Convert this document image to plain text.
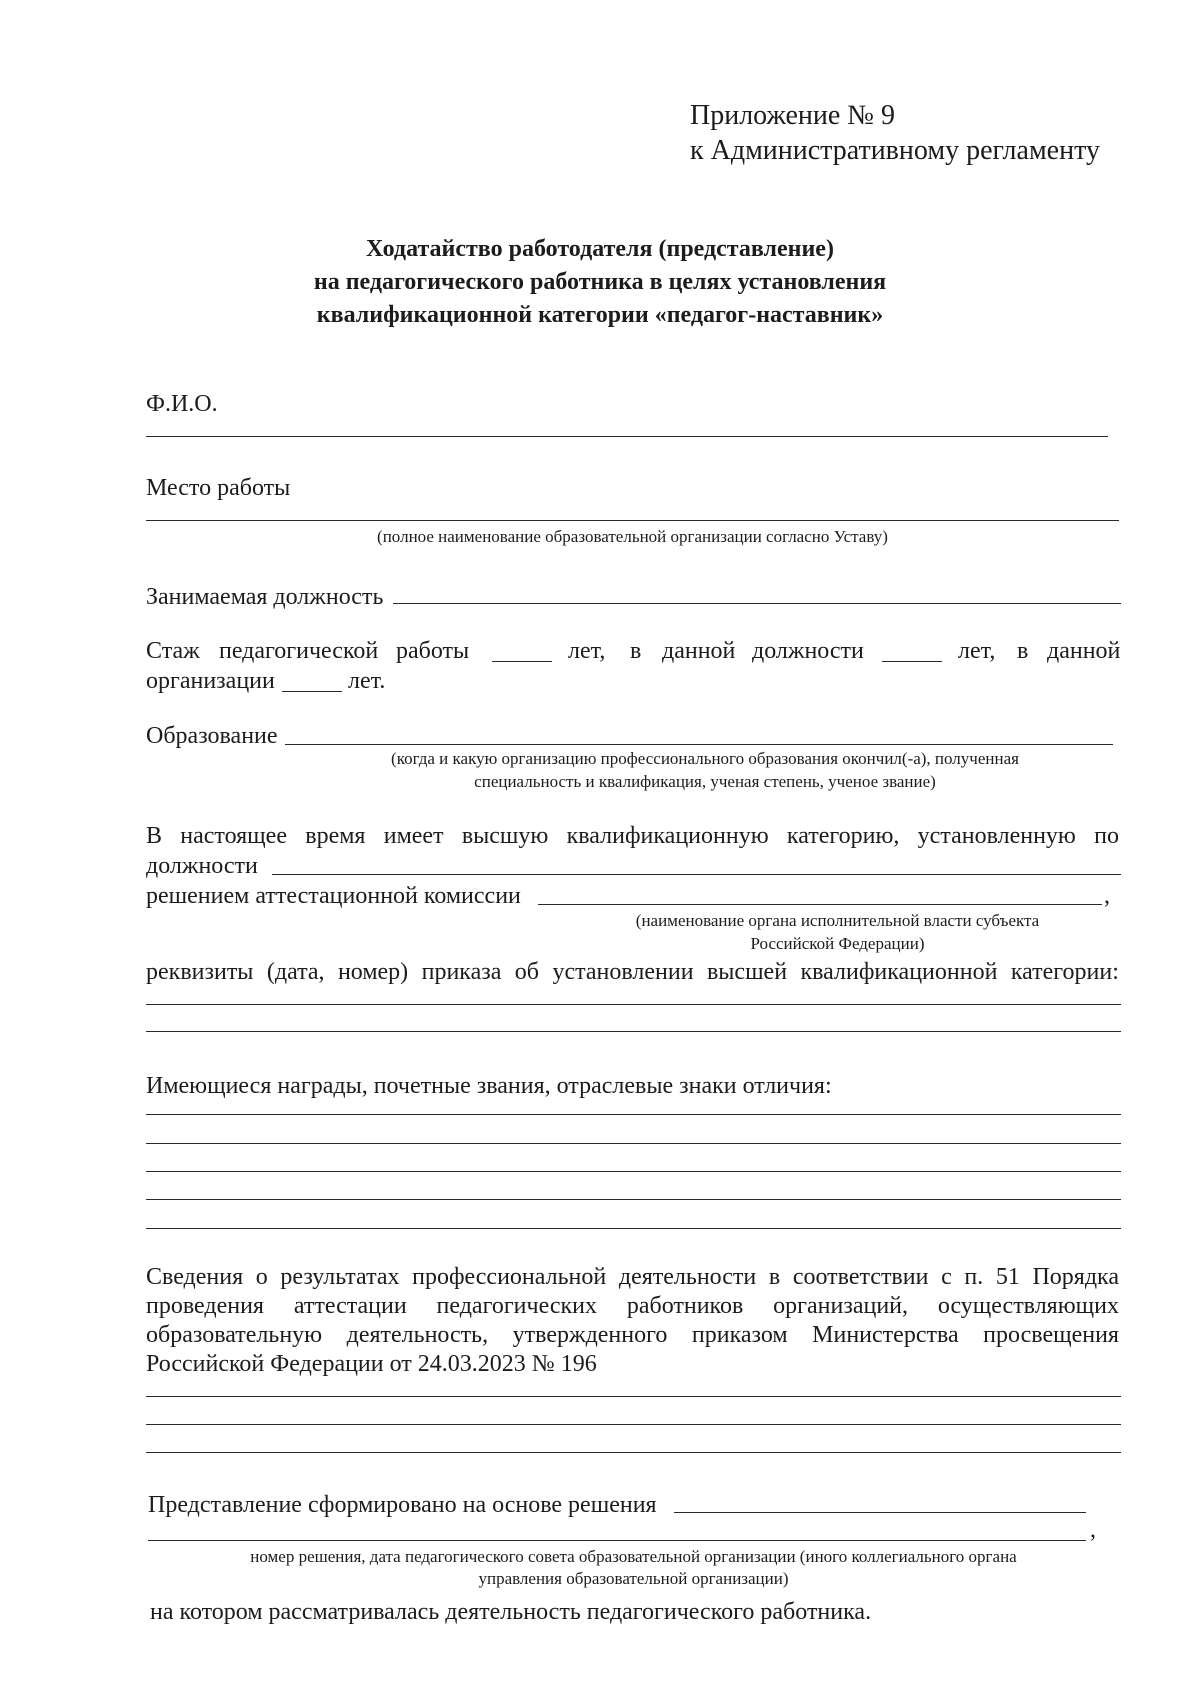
Приложение № 9
к Административному регламенту
Ходатайство работодателя (представление)
на педагогического работника в целях установления
квалификационной категории «педагог-наставник»
Ф.И.О.
Место работы
(полное наименование образовательной организации согласно Уставу)
Занимаемая должность
Стаж педагогической работы	лет, в данной должности	лет, в данной
организации	лет.
Образование
(когда и какую организацию профессионального образования окончил(-а), полученная
специальность и квалификация, ученая степень, ученое звание)
В настоящее время имеет высшую квалификационную категорию, установленную по
должности
решением аттестационной комиссии	,
(наименование органа исполнительной власти субъекта
Российской Федерации)
реквизиты (дата, номер) приказа об установлении высшей квалификационной категории:
Имеющиеся награды, почетные звания, отраслевые знаки отличия:
Сведения о результатах профессиональной деятельности в соответствии с п. 51 Порядка
проведения аттестации педагогических работников организаций, осуществляющих
образовательную деятельность, утвержденного приказом Министерства просвещения
Российской Федерации от 24.03.2023 № 196
Представление сформировано на основе решения
,
номер решения, дата педагогического совета образовательной организации (иного коллегиального органа
управления образовательной организации)
на котором рассматривалась деятельность педагогического работника.
